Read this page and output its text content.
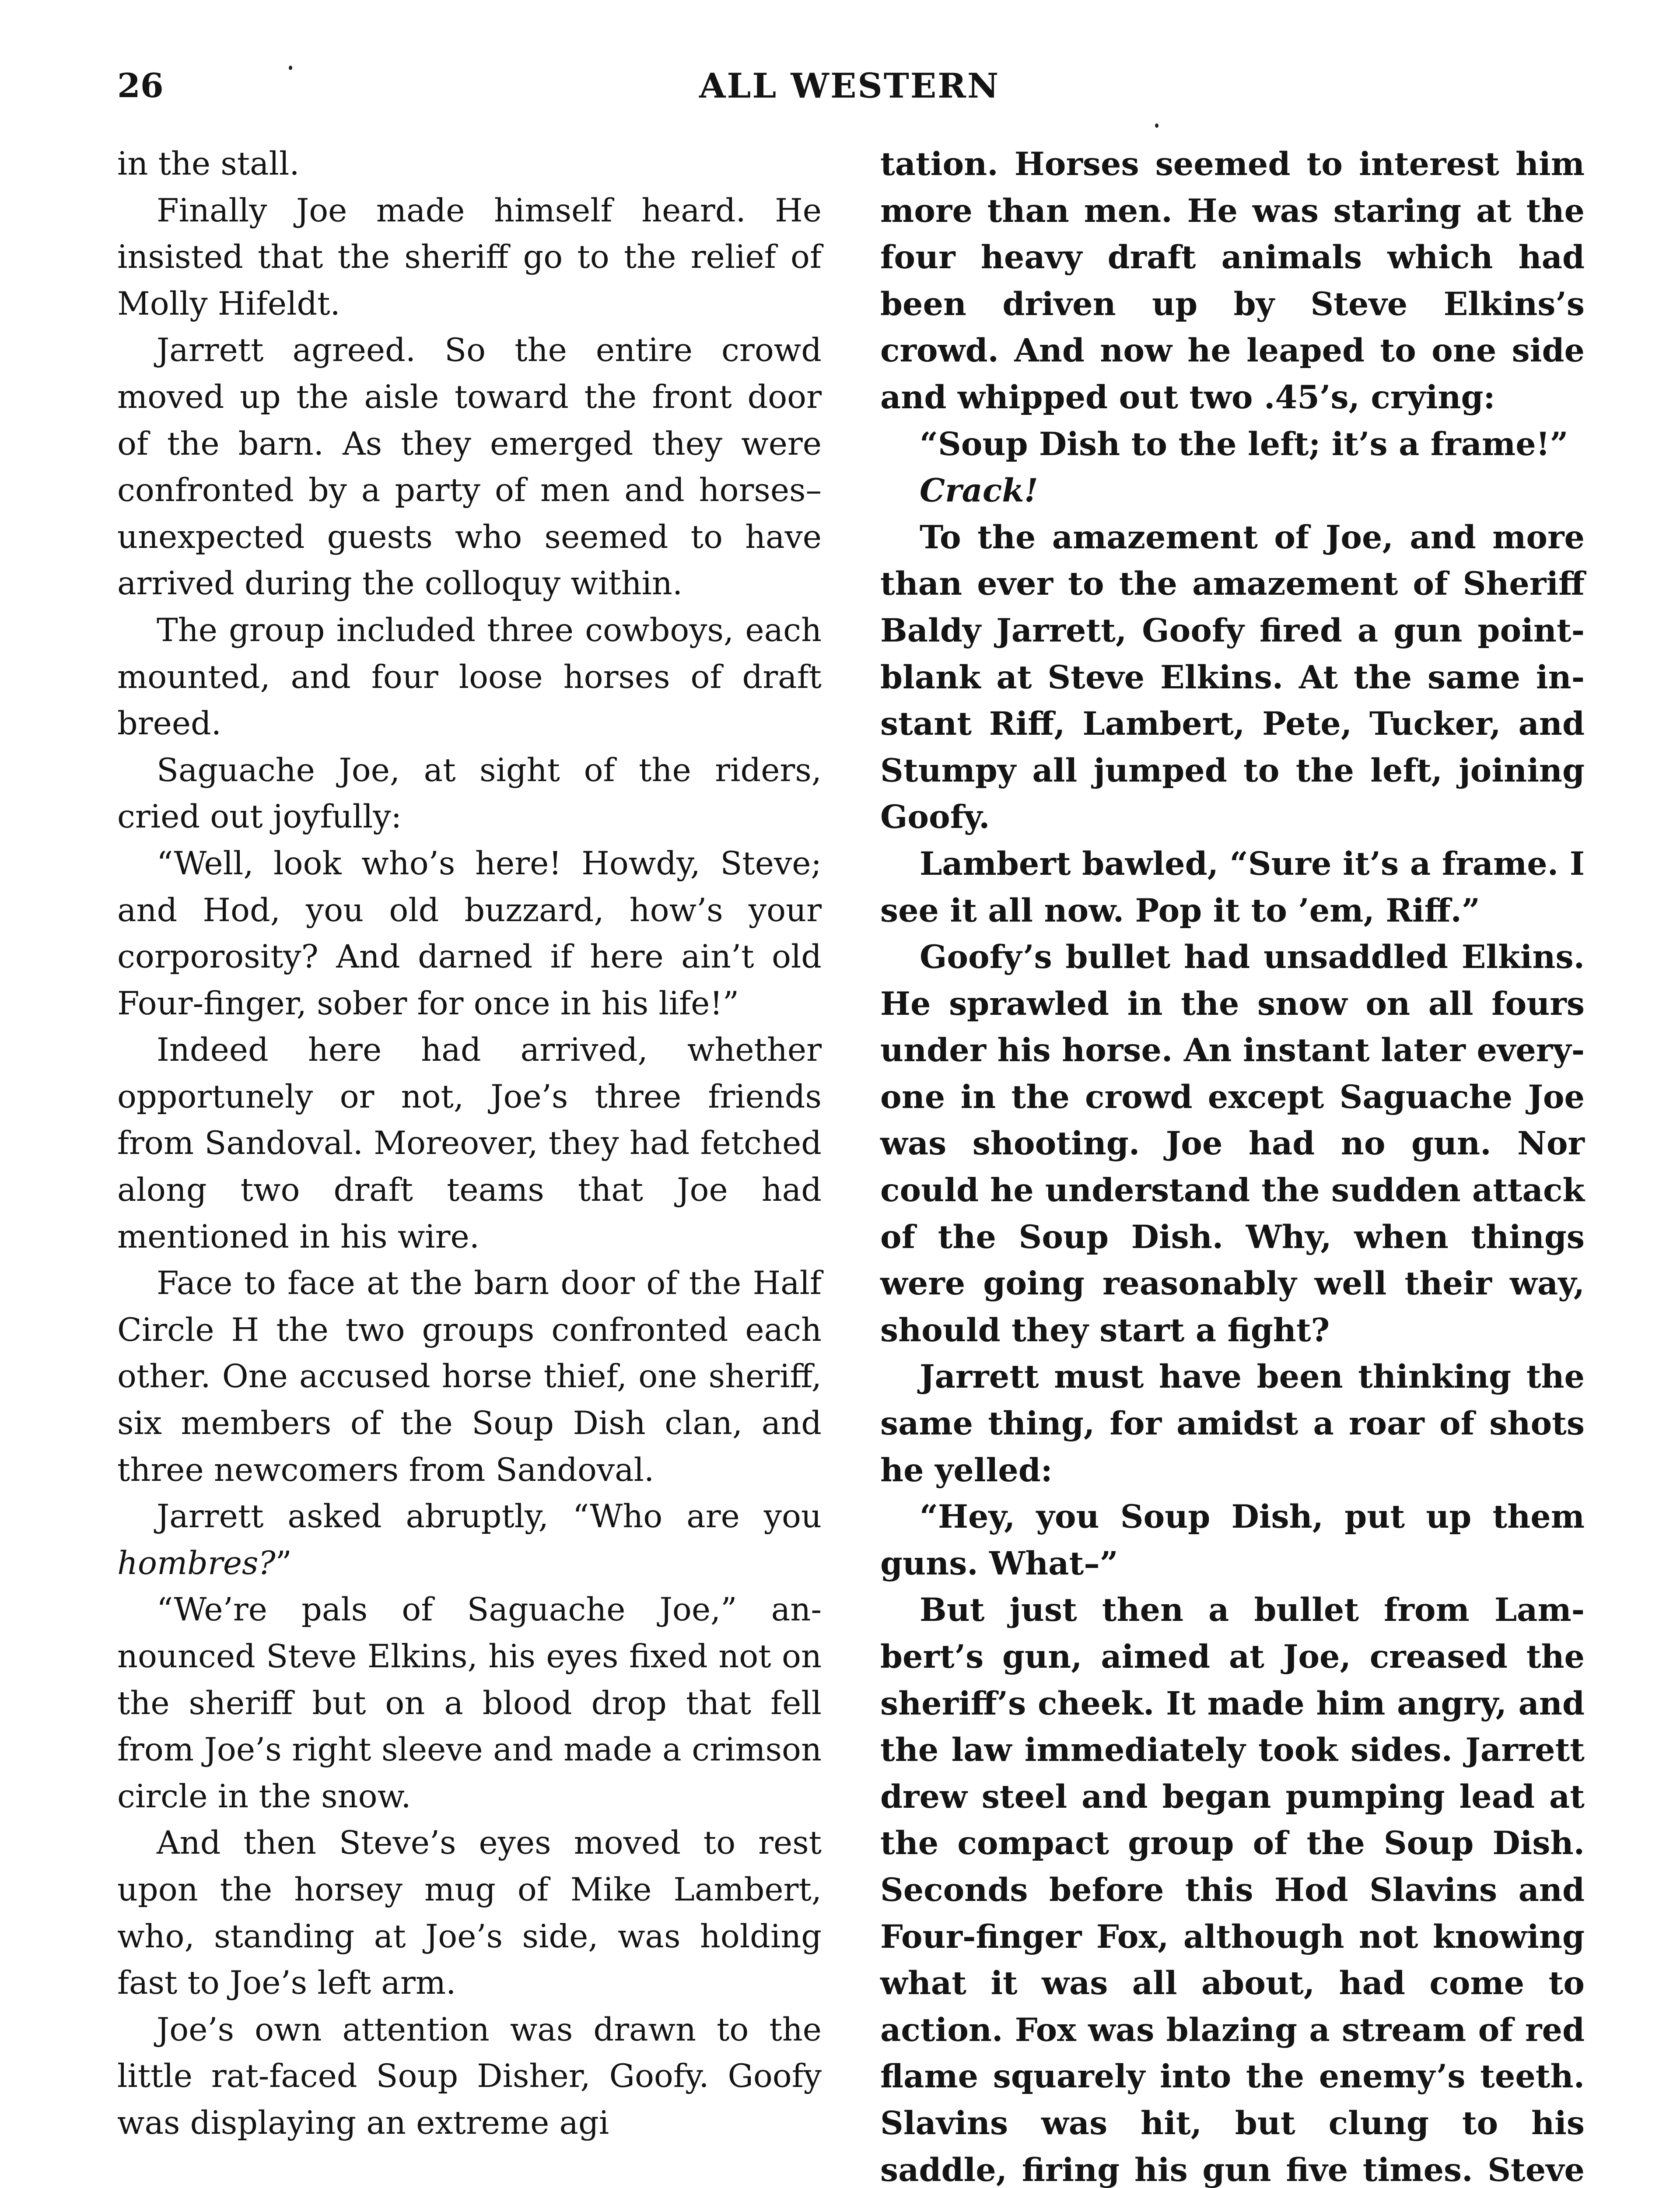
26	ALL WESTERN

in the stall.

Finally Joe made himself heard. He insisted that the sheriff go to the relief of Molly Hifeldt.

Jarrett agreed. So the entire crowd moved up the aisle toward the front door of the barn. As they emerged they were confronted by a party of men and horses–unexpected guests who seemed to have arrived during the colloquy within.

The group included three cowboys, each mounted, and four loose horses of draft breed.

Saguache Joe, at sight of the riders, cried out joyfully:

“Well, look who’s here! Howdy, Steve; and Hod, you old buzzard, how’s your corporosity? And darned if here ain’t old Four-finger, sober for once in his life!”

Indeed here had arrived, whether opportunely or not, Joe’s three friends from Sandoval. Moreover, they had fetched along two draft teams that Joe had mentioned in his wire.

Face to face at the barn door of the Half Circle H the two groups confronted each other. One accused horse thief, one sheriff, six members of the Soup Dish clan, and three newcomers from Sandoval.

Jarrett asked abruptly, “Who are you hombres?”

“We’re pals of Saguache Joe,” announced Steve Elkins, his eyes fixed not on the sheriff but on a blood drop that fell from Joe’s right sleeve and made a crimson circle in the snow.

And then Steve’s eyes moved to rest upon the horsey mug of Mike Lambert, who, standing at Joe’s side, was holding fast to Joe’s left arm.

Joe’s own attention was drawn to the little rat-faced Soup Disher, Goofy. Goofy was displaying an extreme agi

tation. Horses seemed to interest him more than men. He was staring at the four heavy draft animals which had been driven up by Steve Elkins’s crowd. And now he leaped to one side and whipped out two .45’s, crying:

“Soup Dish to the left; it’s a frame!”

Crack!

To the amazement of Joe, and more than ever to the amazement of Sheriff Baldy Jarrett, Goofy fired a gun pointblank at Steve Elkins. At the same instant Riff, Lambert, Pete, Tucker, and Stumpy all jumped to the left, joining Goofy.

Lambert bawled, “Sure it’s a frame. I see it all now. Pop it to ’em, Riff.”

Goofy’s bullet had unsaddled Elkins. He sprawled in the snow on all fours under his horse. An instant later everyone in the crowd except Saguache Joe was shooting. Joe had no gun. Nor could he understand the sudden attack of the Soup Dish. Why, when things were going reasonably well their way, should they start a fight?

Jarrett must have been thinking the same thing, for amidst a roar of shots he yelled:

“Hey, you Soup Dish, put up them guns. What–”

But just then a bullet from Lambert’s gun, aimed at Joe, creased the sheriff’s cheek. It made him angry, and the law immediately took sides. Jarrett drew steel and began pumping lead at the compact group of the Soup Dish. Seconds before this Hod Slavins and Four-finger Fox, although not knowing what it was all about, had come to action. Fox was blazing a stream of red flame squarely into the enemy’s teeth. Slavins was hit, but clung to his saddle, firing his gun five times. Steve
